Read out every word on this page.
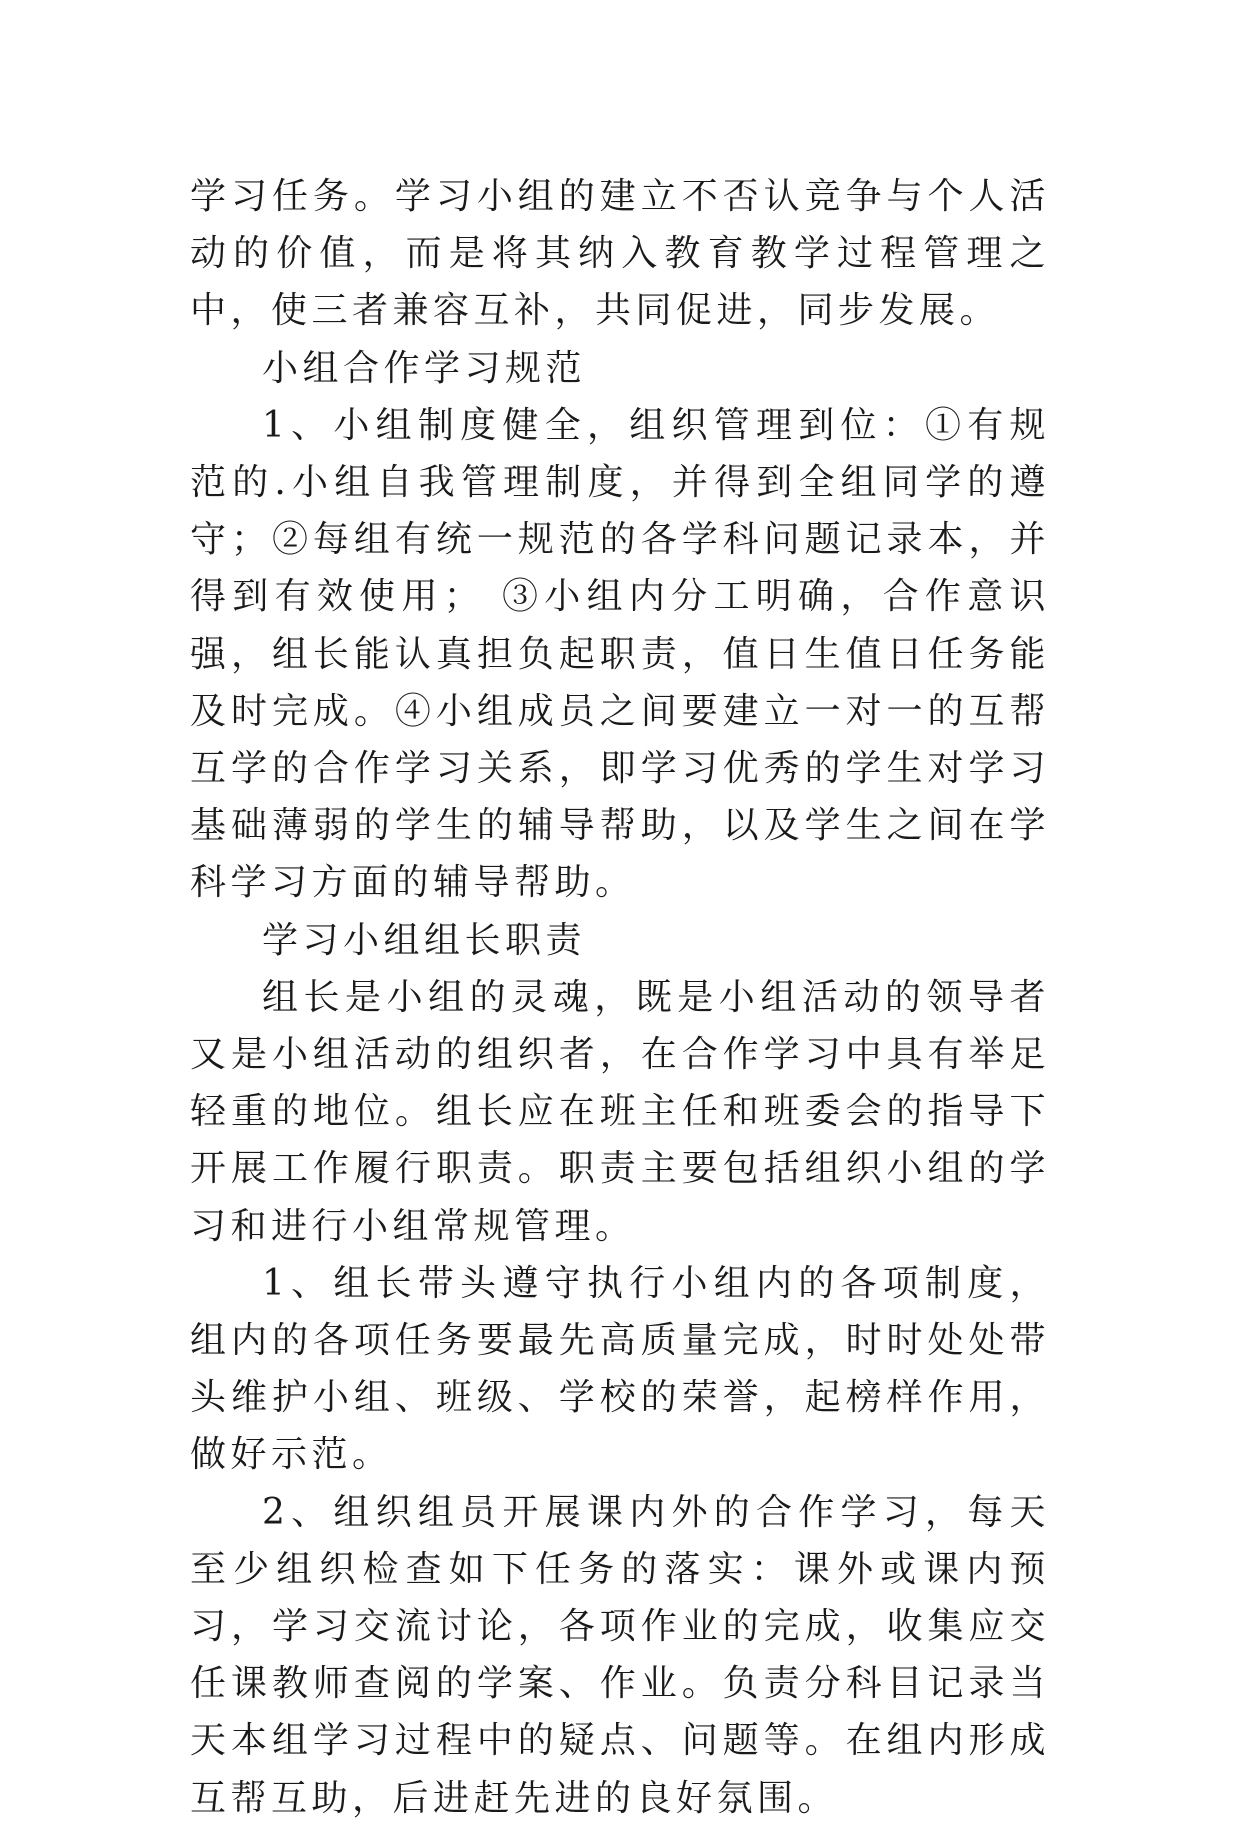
学习任务。学习小组的建立不否认竞争与个人活动的价值，而是将其纳入教育教学过程管理之中，使三者兼容互补，共同促进，同步发展。

小组合作学习规范

1、小组制度健全，组织管理到位：①有规范的.小组自我管理制度，并得到全组同学的遵守；②每组有统一规范的各学科问题记录本，并得到有效使用； ③小组内分工明确，合作意识强，组长能认真担负起职责，值日生值日任务能及时完成。④小组成员之间要建立一对一的互帮互学的合作学习关系，即学习优秀的学生对学习基础薄弱的学生的辅导帮助，以及学生之间在学科学习方面的辅导帮助。

学习小组组长职责

组长是小组的灵魂，既是小组活动的领导者又是小组活动的组织者，在合作学习中具有举足轻重的地位。组长应在班主任和班委会的指导下开展工作履行职责。职责主要包括组织小组的学习和进行小组常规管理。

1、组长带头遵守执行小组内的各项制度，组内的各项任务要最先高质量完成，时时处处带头维护小组、班级、学校的荣誉，起榜样作用，做好示范。

2、组织组员开展课内外的合作学习，每天至少组织检查如下任务的落实：课外或课内预习，学习交流讨论，各项作业的完成，收集应交任课教师查阅的学案、作业。负责分科目记录当天本组学习过程中的疑点、问题等。在组内形成互帮互助，后进赶先进的良好氛围。
